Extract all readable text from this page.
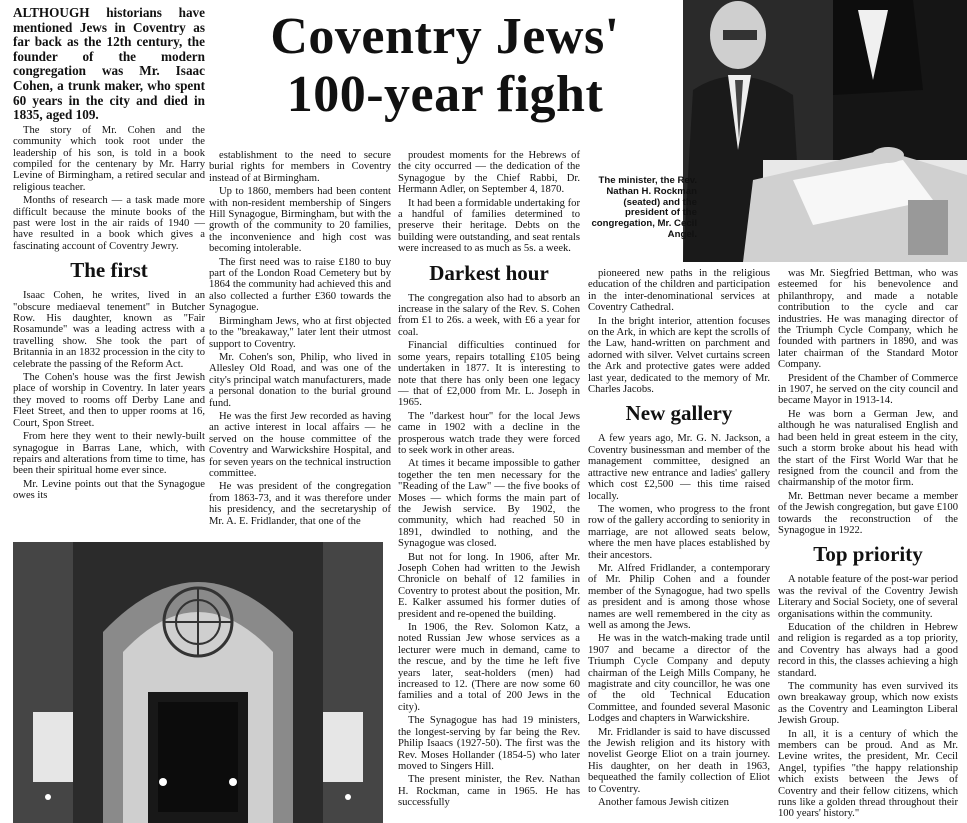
Coventry Jews'
100-year fight
The minister, the Rev. Nathan H. Rockman (seated) and the president of the congregation, Mr. Cecil Angel.

ALTHOUGH historians have mentioned Jews in Coventry as far back as the 12th century, the founder of the modern congregation was Mr. Isaac Cohen, a trunk maker, who spent 60 years in the city and died in 1835, aged 109.

The story of Mr. Cohen and the community which took root under the leadership of his son, is told in a book compiled for the centenary by Mr. Harry Levine of Birmingham, a retired secular and religious teacher.

Months of research — a task made more difficult because the minute books of the past were lost in the air raids of 1940 — have resulted in a book which gives a fascinating account of Coventry Jewry.

The first

Isaac Cohen, he writes, lived in an "obscure mediaeval tenement" in Butcher Row. His daughter, known as "Fair Rosamunde" was a leading actress with a travelling show. She took the part of Britannia in an 1832 procession in the city to celebrate the passing of the Reform Act.

The Cohen's house was the first Jewish place of worship in Coventry. In later years they moved to rooms off Derby Lane and Fleet Street, and then to upper rooms at 16, Court, Spon Street.

From here they went to their newly-built synagogue in Barras Lane, which, with repairs and alterations from time to time, has been their spiritual home ever since.

Mr. Levine points out that the Synagogue owes its

establishment to the need to secure burial rights for members in Coventry instead of at Birmingham.

Up to 1860, members had been content with non-resident membership of Singers Hill Synagogue, Birmingham, but with the growth of the community to 20 families, the inconvenience and high cost was becoming intolerable.

The first need was to raise £180 to buy part of the London Road Cemetery but by 1864 the community had achieved this and also collected a further £360 towards the Synagogue.

Birmingham Jews, who at first objected to the "breakaway," later lent their utmost support to Coventry.

Mr. Cohen's son, Philip, who lived in Allesley Old Road, and was one of the city's principal watch manufacturers, made a personal donation to the burial ground fund.

He was the first Jew recorded as having an active interest in local affairs — he served on the house committee of the Coventry and Warwickshire Hospital, and for seven years on the technical instruction committee.

He was president of the congregation from 1863-73, and it was therefore under his presidency, and the secretaryship of Mr. A. E. Fridlander, that one of the

proudest moments for the Hebrews of the city occurred — the dedication of the Synagogue by the Chief Rabbi, Dr. Hermann Adler, on September 4, 1870.

It had been a formidable undertaking for a handful of families determined to preserve their heritage. Debts on the building were outstanding, and seat rentals were increased to as much as 5s. a week.

Darkest hour

The congregation also had to absorb an increase in the salary of the Rev. S. Cohen from £1 to 26s. a week, with £6 a year for coal.

Financial difficulties continued for some years, repairs totalling £105 being undertaken in 1877. It is interesting to note that there has only been one legacy — that of £2,000 from Mr. L. Joseph in 1965.

The "darkest hour" for the local Jews came in 1902 with a decline in the prosperous watch trade they were forced to seek work in other areas.

At times it became impossible to gather together the ten men necessary for the "Reading of the Law" — the five books of Moses — which forms the main part of the Jewish service. By 1902, the community, which had reached 50 in 1891, dwindled to nothing, and the Synagogue was closed.

But not for long. In 1906, after Mr. Joseph Cohen had written to the Jewish Chronicle on behalf of 12 families in Coventry to protest about the position, Mr. E. Kalker assumed his former duties of president and re-opened the building.

In 1906, the Rev. Solomon Katz, a noted Russian Jew whose services as a lecturer were much in demand, came to the rescue, and by the time he left five years later, seat-holders (men) had increased to 12. (There are now some 60 families and a total of 200 Jews in the city).

The Synagogue has had 19 ministers, the longest-serving by far being the Rev. Philip Isaacs (1927-50). The first was the Rev. Moses Hollander (1854-5) who later moved to Singers Hill.

The present minister, the Rev. Nathan H. Rockman, came in 1965. He has successfully

pioneered new paths in the religious education of the children and participation in the inter-denominational services at Coventry Cathedral.

In the bright interior, attention focuses on the Ark, in which are kept the scrolls of the Law, hand-written on parchment and adorned with silver. Velvet curtains screen the Ark and protective gates were added last year, dedicated to the memory of Mr. Charles Jacobs.

New gallery

A few years ago, Mr. G. N. Jackson, a Coventry businessman and member of the management committee, designed an attractive new entrance and ladies' gallery which cost £2,500 — this time raised locally.

The women, who progress to the front row of the gallery according to seniority in marriage, are not allowed seats below, where the men have places established by their ancestors.

Mr. Alfred Fridlander, a contemporary of Mr. Philip Cohen and a founder member of the Synagogue, had two spells as president and is among those whose names are well remembered in the city as well as among the Jews.

He was in the watch-making trade until 1907 and became a director of the Triumph Cycle Company and deputy chairman of the Leigh Mills Company, he magistrate and city councillor, he was one of the old Technical Education Committee, and founded several Masonic Lodges and chapters in Warwickshire.

Mr. Fridlander is said to have discussed the Jewish religion and its history with novelist George Eliot on a train journey. His daughter, on her death in 1963, bequeathed the family collection of Eliot to Coventry.

Another famous Jewish citizen

was Mr. Siegfried Bettman, who was esteemed for his benevolence and philanthropy, and made a notable contribution to the cycle and car industries. He was managing director of the Triumph Cycle Company, which he founded with partners in 1890, and was later chairman of the Standard Motor Company.

President of the Chamber of Commerce in 1907, he served on the city council and became Mayor in 1913-14.

He was born a German Jew, and although he was naturalised English and had been held in great esteem in the city, such a storm broke about his head with the start of the First World War that he resigned from the council and from the chairmanship of the motor firm.

Mr. Bettman never became a member of the Jewish congregation, but gave £100 towards the reconstruction of the Synagogue in 1922.

Top priority

A notable feature of the post-war period was the revival of the Coventry Jewish Literary and Social Society, one of several organisations within the community.

Education of the children in Hebrew and religion is regarded as a top priority, and Coventry has always had a good record in this, the classes achieving a high standard.

The community has even survived its own breakaway group, which now exists as the Coventry and Leamington Liberal Jewish Group.

In all, it is a century of which the members can be proud. And as Mr. Levine writes, the president, Mr. Cecil Angel, typifies "the happy relationship which exists between the Jews of Coventry and their fellow citizens, which runs like a golden thread throughout their 100 years' history."
